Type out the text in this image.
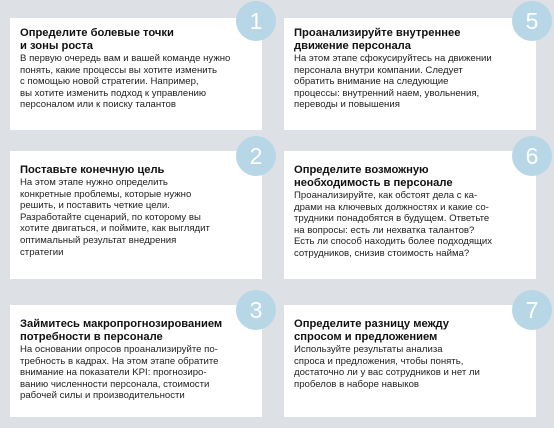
Определите болевые точки
и зоны роста

В первую очередь вам и вашей команде нужно
понять, какие процессы вы хотите изменить
с помощью новой стратегии. Например,
вы хотите изменить подход к управлению
персоналом или к поиску талантов

1	Проанализируйте внутреннее
движение персонала

На этом этапе сфокусируйтесь на движении
персонала внутри компании. Следует
обратить внимание на следующие
процессы: внутренний наем, увольнения,
переводы и повышения

5
Поставьте конечную цель

На этом этапе нужно определить
конкретные проблемы, которые нужно
решить, и поставить четкие цели.
Разработайте сценарий, по которому вы
хотите двигаться, и поймите, как выглядит
оптимальный результат внедрения
стратегии

2
Определите возможную
необходимость в персонале

Проанализируйте, как обстоят дела с ка-
драми на ключевых должностях и какие со-
трудники понадобятся в будущем. Ответьте
на вопросы: есть ли нехватка талантов?
Есть ли способ находить более подходящих
сотрудников, снизив стоимость найма?

6
Займитесь макропрогнозированием
потребности в персонале

На основании опросов проанализируйте по-
требность в кадрах. На этом этапе обратите
внимание на показатели KPI: прогнозиро-
ванию численности персонала, стоимости
рабочей силы и производительности

3
Определите разницу между
спросом и предложением

Используйте результаты анализа
спроса и предложения, чтобы понять,
достаточно ли у вас сотрудников и нет ли
пробелов в наборе навыков

7
